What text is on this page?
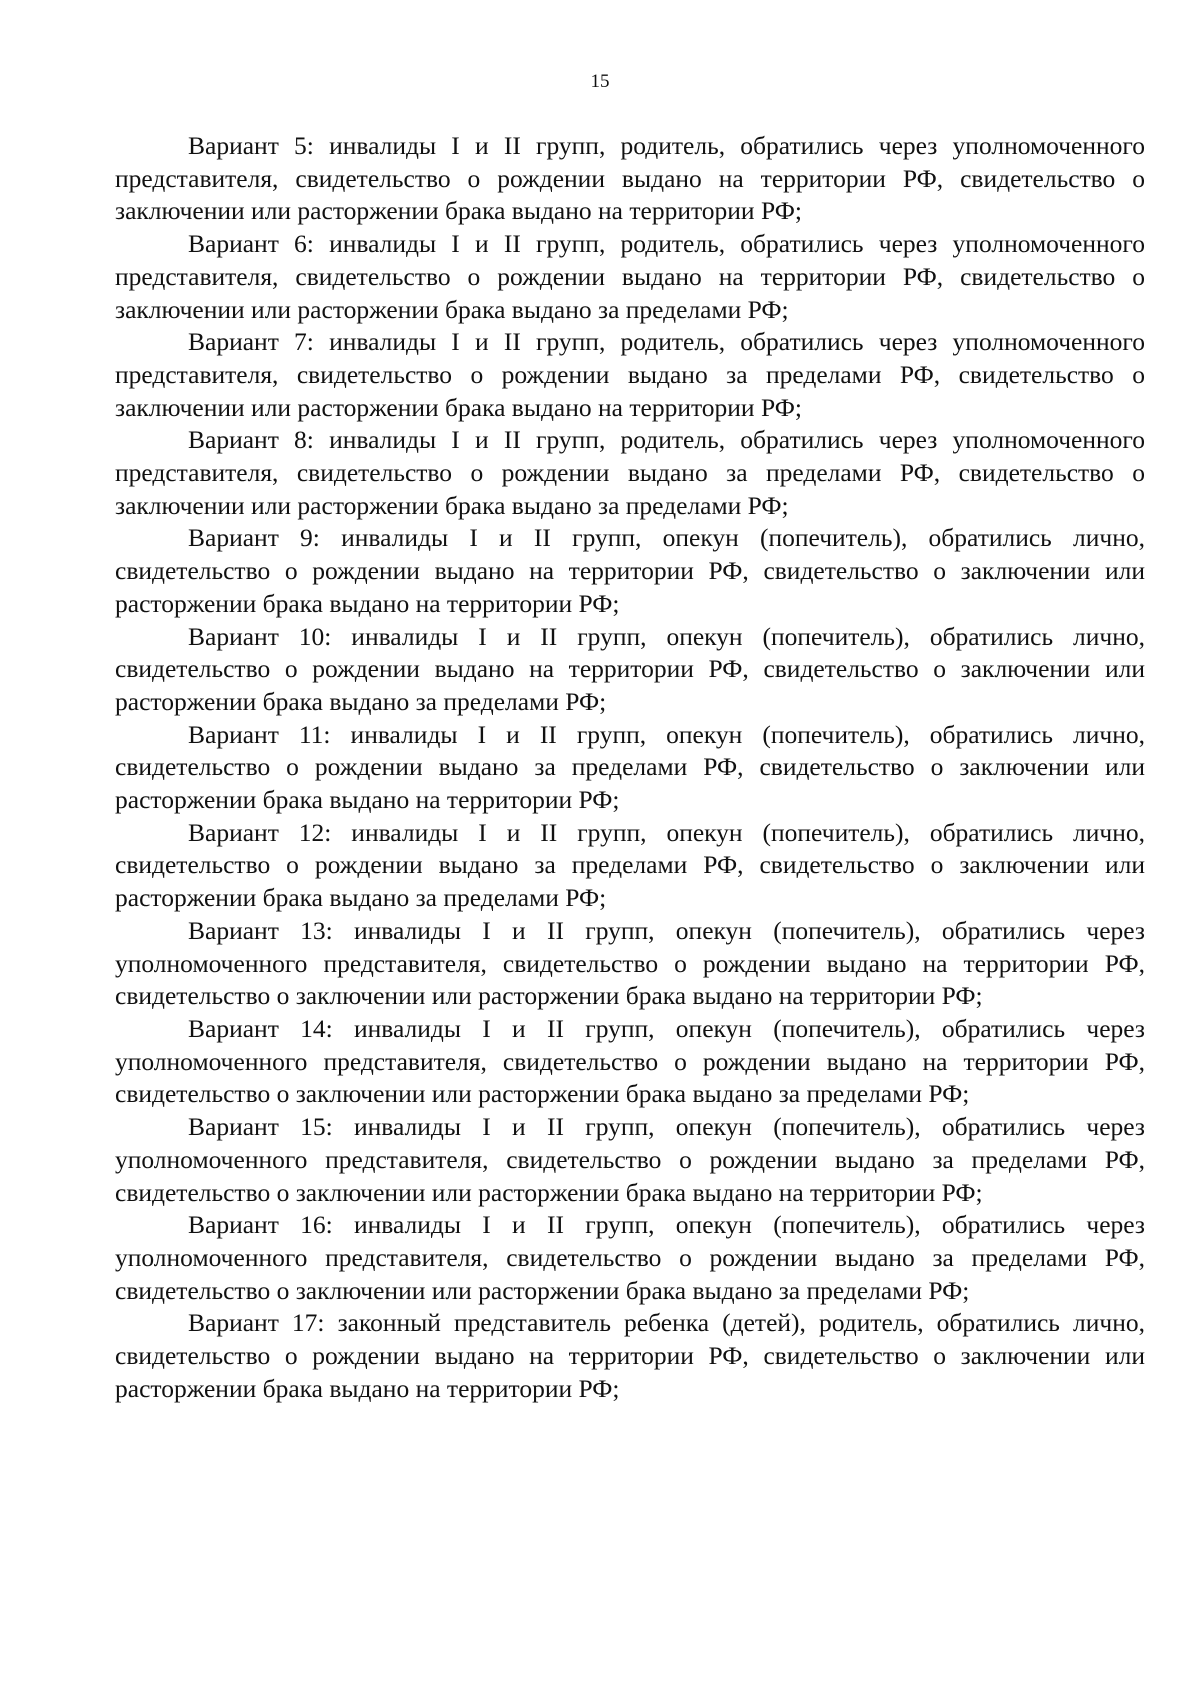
15

Вариант 5: инвалиды I и II групп, родитель, обратились через уполномоченного представителя, свидетельство о рождении выдано на территории РФ, свидетельство о заключении или расторжении брака выдано на территории РФ;

Вариант 6: инвалиды I и II групп, родитель, обратились через уполномоченного представителя, свидетельство о рождении выдано на территории РФ, свидетельство о заключении или расторжении брака выдано за пределами РФ;

Вариант 7: инвалиды I и II групп, родитель, обратились через уполномоченного представителя, свидетельство о рождении выдано за пределами РФ, свидетельство о заключении или расторжении брака выдано на территории РФ;

Вариант 8: инвалиды I и II групп, родитель, обратились через уполномоченного представителя, свидетельство о рождении выдано за пределами РФ, свидетельство о заключении или расторжении брака выдано за пределами РФ;

Вариант 9: инвалиды I и II групп, опекун (попечитель), обратились лично, свидетельство о рождении выдано на территории РФ, свидетельство о заключении или расторжении брака выдано на территории РФ;

Вариант 10: инвалиды I и II групп, опекун (попечитель), обратились лично, свидетельство о рождении выдано на территории РФ, свидетельство о заключении или расторжении брака выдано за пределами РФ;

Вариант 11: инвалиды I и II групп, опекун (попечитель), обратились лично, свидетельство о рождении выдано за пределами РФ, свидетельство о заключении или расторжении брака выдано на территории РФ;

Вариант 12: инвалиды I и II групп, опекун (попечитель), обратились лично, свидетельство о рождении выдано за пределами РФ, свидетельство о заключении или расторжении брака выдано за пределами РФ;

Вариант 13: инвалиды I и II групп, опекун (попечитель), обратились через уполномоченного представителя, свидетельство о рождении выдано на территории РФ, свидетельство о заключении или расторжении брака выдано на территории РФ;

Вариант 14: инвалиды I и II групп, опекун (попечитель), обратились через уполномоченного представителя, свидетельство о рождении выдано на территории РФ, свидетельство о заключении или расторжении брака выдано за пределами РФ;

Вариант 15: инвалиды I и II групп, опекун (попечитель), обратились через уполномоченного представителя, свидетельство о рождении выдано за пределами РФ, свидетельство о заключении или расторжении брака выдано на территории РФ;

Вариант 16: инвалиды I и II групп, опекун (попечитель), обратились через уполномоченного представителя, свидетельство о рождении выдано за пределами РФ, свидетельство о заключении или расторжении брака выдано за пределами РФ;

Вариант 17: законный представитель ребенка (детей), родитель, обратились лично, свидетельство о рождении выдано на территории РФ, свидетельство о заключении или расторжении брака выдано на территории РФ;
